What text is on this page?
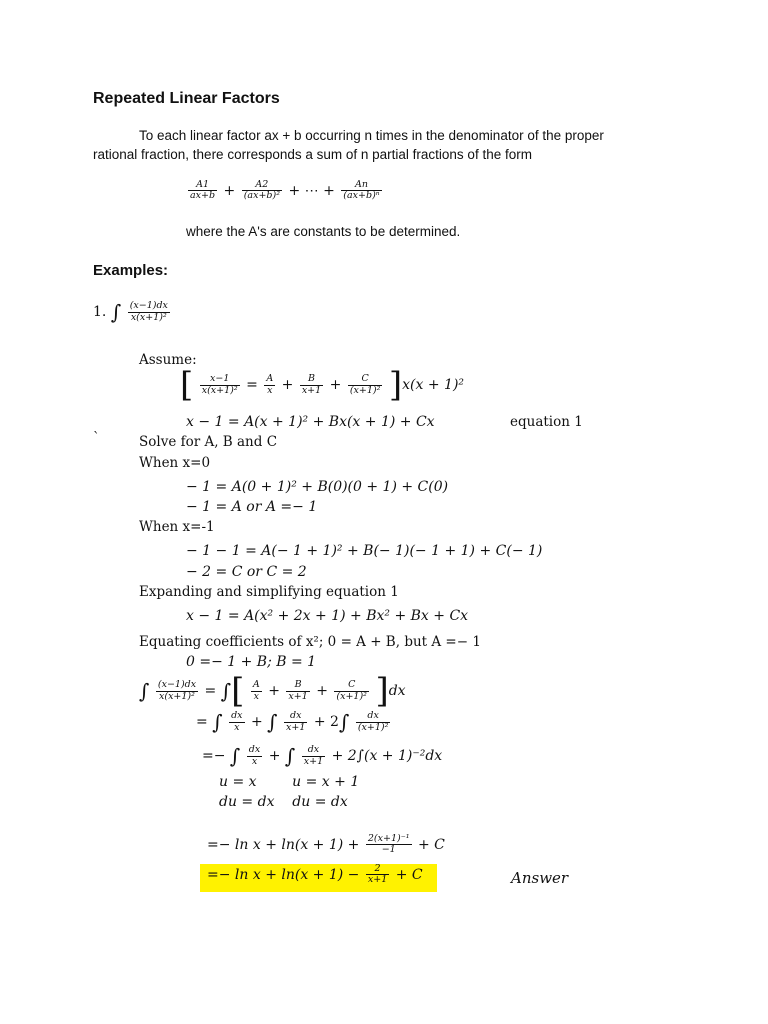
Repeated Linear Factors
To each linear factor ax + b occurring n times in the denominator of the proper
rational fraction, there corresponds a sum of n partial fractions of the form
$\frac{A1}{ax+b} + \frac{A2}{\text{(ax+b)²}}$ + ⋯ + $\frac{An}{\text{(ax+b)ⁿ}}$
where the A's are constants to be determined.
Examples:
1. ∫ $\frac{(x-1)dx}{\text{x(x+1)²}}$
Assume:
[ $\frac{x-1}{\text{x(x+1)²}} = \frac{A}{x} + \frac{B}{x+1} + \frac{C}{\text{(x+1)²}} ]x(x + 1)^2$
x − 1 = A(x + 1)² + Bx(x + 1) + Cx	equation 1
`	Solve for A, B and C
When x=0
− 1 = A(0 + 1)² + B(0)(0 + 1) + C(0)
− 1 = A or A =− 1
When x=-1
− 1 − 1 = A(− 1 + 1)² + B(− 1)(− 1 + 1) + C(− 1)
− 2 = C or C = 2
Expanding and simplifying equation 1
x − 1 = A(x² + 2x + 1) + Bx² + Bx + Cx
Equating coefficients of x²; 0 = A + B, but A =− 1
0 =− 1 + B; B = 1
∫ $\frac{(x-1)dx}{\text{x(x+1)²}}$ = ∫[ $\frac{A}{x} + \frac{B}{x+1} + \frac{C}{\text{(x+1)²}} ]dx$
= ∫ $\frac{dx}{x}$ + ∫ $\frac{dx}{x+1} + 2\int \frac{dx}{\text{(x+1)²}}$
=− ∫ $\frac{dx}{x}$ + ∫ $\frac{dx}{x+1} + 2\int(x + 1)^{-2}dx$
u = x        u = x + 1
du = dx    du = dx
=− $\ln x + \ln(x + 1) + \frac{\text{2(x+1)⁻¹}}{-1} + C$
=− $\ln x + \ln(x + 1) - \frac{2}{x+1} + C$	Answer
